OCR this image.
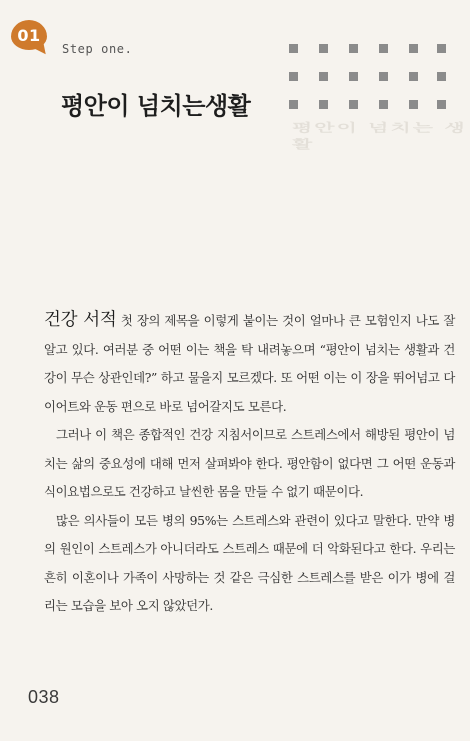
01
Step one.
평안이 넘치는생활
평안이 넘치는 생활

건강 서적 첫 장의 제목을 이렇게 붙이는 것이 얼마나 큰 모험인지 나도 잘 알고 있다. 여러분 중 어떤 이는 책을 탁 내려놓으며 “평안이 넘치는 생활과 건강이 무슨 상관인데?” 하고 물을지 모르겠다. 또 어떤 이는 이 장을 뛰어넘고 다이어트와 운동 편으로 바로 넘어갈지도 모른다.

그러나 이 책은 종합적인 건강 지침서이므로 스트레스에서 해방된 평안이 넘치는 삶의 중요성에 대해 먼저 살펴봐야 한다. 평안함이 없다면 그 어떤 운동과 식이요법으로도 건강하고 날씬한 몸을 만들 수 없기 때문이다.

많은 의사들이 모든 병의 95%는 스트레스와 관련이 있다고 말한다. 만약 병의 원인이 스트레스가 아니더라도 스트레스 때문에 더 악화된다고 한다. 우리는 흔히 이혼이나 가족이 사망하는 것 같은 극심한 스트레스를 받은 이가 병에 걸리는 모습을 보아 오지 않았던가.

038
